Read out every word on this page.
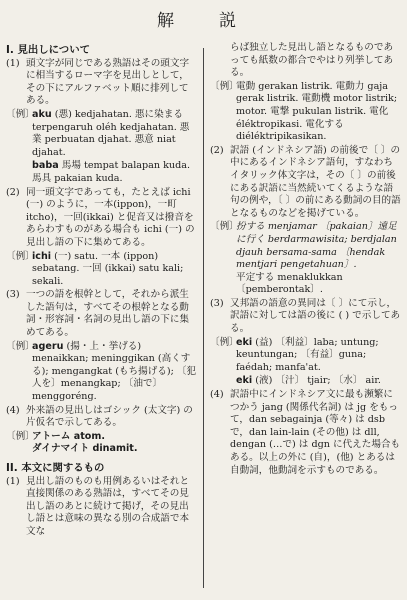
解　説
I. 見出しについて
(1) 頭文字が同じである熟語はその頭文字に相当するローマ字を見出しとして，その下にアルファベット順に排列してある。

〔例〕

aku (悪) kedjahatan. 悪に染まる terpengaruh oléh kedjahatan. 悪業 perbuatan djahat. 悪意 niat djahat.

baba 馬場 tempat balapan kuda. 馬具 pakaian kuda.

(2) 同一頭文字であっても，たとえば ichi (一) のように，一本(ippon)，一町 itcho)，一回(ikkai) と促音又は撥音をあらわすものがある場合も ichi (一) の見出し語の下に集めてある。

〔例〕

ichi (一) satu. 一本 (ippon) sebatang. 一回 (ikkai) satu kali; sekali.

(3) 一つの語を根幹として，それから派生した語句は，すべてその根幹となる動詞・形容詞・名詞の見出し語の下に集めてある。

〔例〕

ageru (揚・上・挙げる) menaikkan; meninggikan (高くする); mengangkat (もち揚げる); 〔犯人を〕menangkap; 〔油で〕menggoréng.

(4) 外来語の見出しはゴシック (太文字) の片仮名で示してある。

〔例〕

アトーム atom.

ダイナマイト dinamit.

II. 本文に関するもの
(1) 見出し語のものも用例あるいはそれと直接関係のある熟語は，すべてその見出し語のあとに続けて掲げ，その見出し語とは意味の異なる別の合成語で本文な

らば独立した見出し語となるものであっても紙数の都合でやはり列挙してある。

〔例〕

電動 gerakan listrik. 電動力 gaja gerak listrik. 電動機 motor listrik; motor. 電撃 pukulan listrik. 電化 éléktropikasi. 電化する diéléktripikasikan.

(2) 訳語 (インドネシア語) の前後で〔 〕の中にあるインドネシア語句，すなわちイタリック体文字は，その〔 〕の前後にある訳語に当然続いてくるような語句の例や，〔 〕の前にある動詞の目的語となるものなどを掲げている。

〔例〕

扮する menjamar 〔pakaian〕遠足に行く berdarmawisita; berdjalan djauh bersama-sama 〔hendak mentjari pengetahuan〕.

平定する menaklukkan 〔pemberontak〕.

(3) 又邦語の語意の異同は〔 〕にて示し，訳語に対しては語の後に ( ) で示してある。

〔例〕

eki (益) 〔利益〕laba; untung; keuntungan; 〔有益〕guna; faédah; manfa'at.

eki (液) 〔汁〕 tjair; 〔水〕 air.

(4) 訳語中にインドネシア文に最も瀕繁につかう jang (関係代名詞) は jg をもって，dan sebagainja (等々) は dsb で，dan lain-lain (その他) は dll, dengan (…で) は dgn に代えた場合もある。以上の外に (自)，(他) とあるは自動詞，他動詞を示すものである。
